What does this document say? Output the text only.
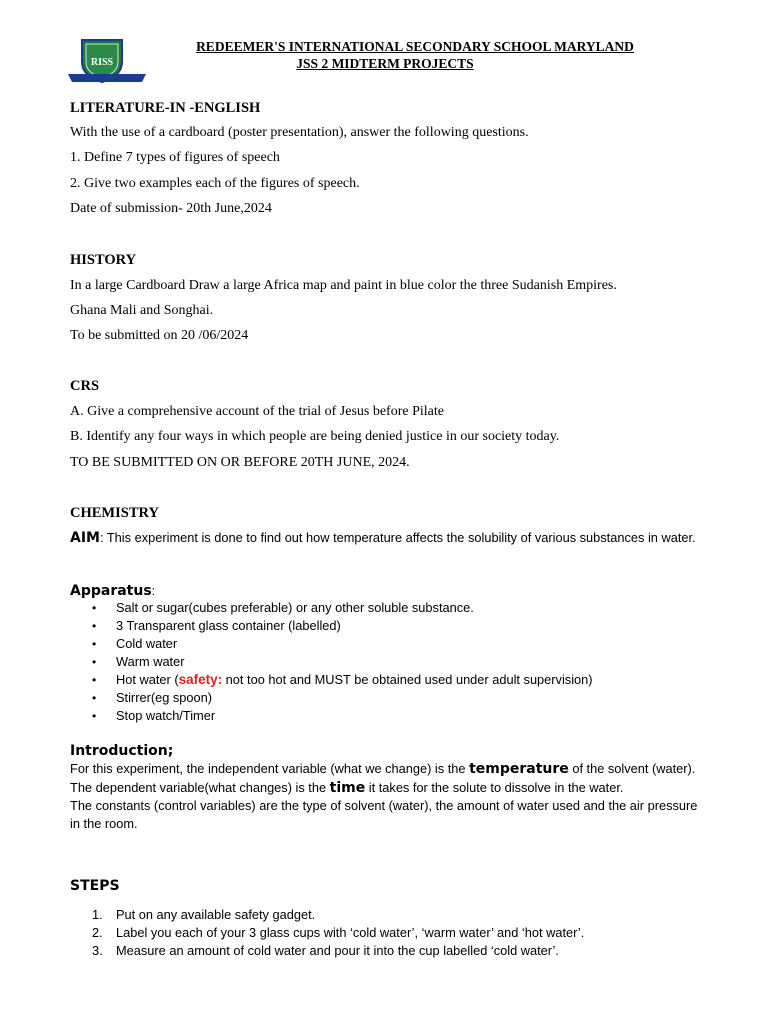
RISS
REDEEMER'S INTERNATIONAL SECONDARY SCHOOL MARYLAND
JSS 2 MIDTERM PROJECTS
LITERATURE-IN -ENGLISH
With the use of a cardboard (poster presentation), answer the following questions.
1. Define 7 types of figures of speech
2. Give two examples each of the figures of speech.
Date of submission- 20th June,2024
HISTORY
In a large Cardboard Draw a large Africa map and paint in blue color the three Sudanish Empires.
Ghana Mali and Songhai.
To be submitted on 20 /06/2024
CRS
A. Give a comprehensive account of the trial of Jesus before Pilate
B. Identify any four ways in which people are being denied justice in our society today.
TO BE SUBMITTED ON OR BEFORE 20TH JUNE, 2024.
CHEMISTRY
AIM: This experiment is done to find out how temperature affects the solubility of various substances in water.
Apparatus:
• Salt or sugar(cubes preferable) or any other soluble substance.
• 3 Transparent glass container (labelled)
• Cold water
• Warm water
• Hot water (safety: not too hot and MUST be obtained used under adult supervision)
• Stirrer(eg spoon)
• Stop watch/Timer
Introduction;
For this experiment, the independent variable (what we change) is the temperature of the solvent (water).
The dependent variable(what changes) is the time it takes for the solute to dissolve in the water.
The constants (control variables) are the type of solvent (water), the amount of water used and the air pressure in the room.
STEPS
1. Put on any available safety gadget.
2. Label you each of your 3 glass cups with ‘cold water’, ‘warm water’ and ‘hot water’.
3. Measure an amount of cold water and pour it into the cup labelled ‘cold water’.
